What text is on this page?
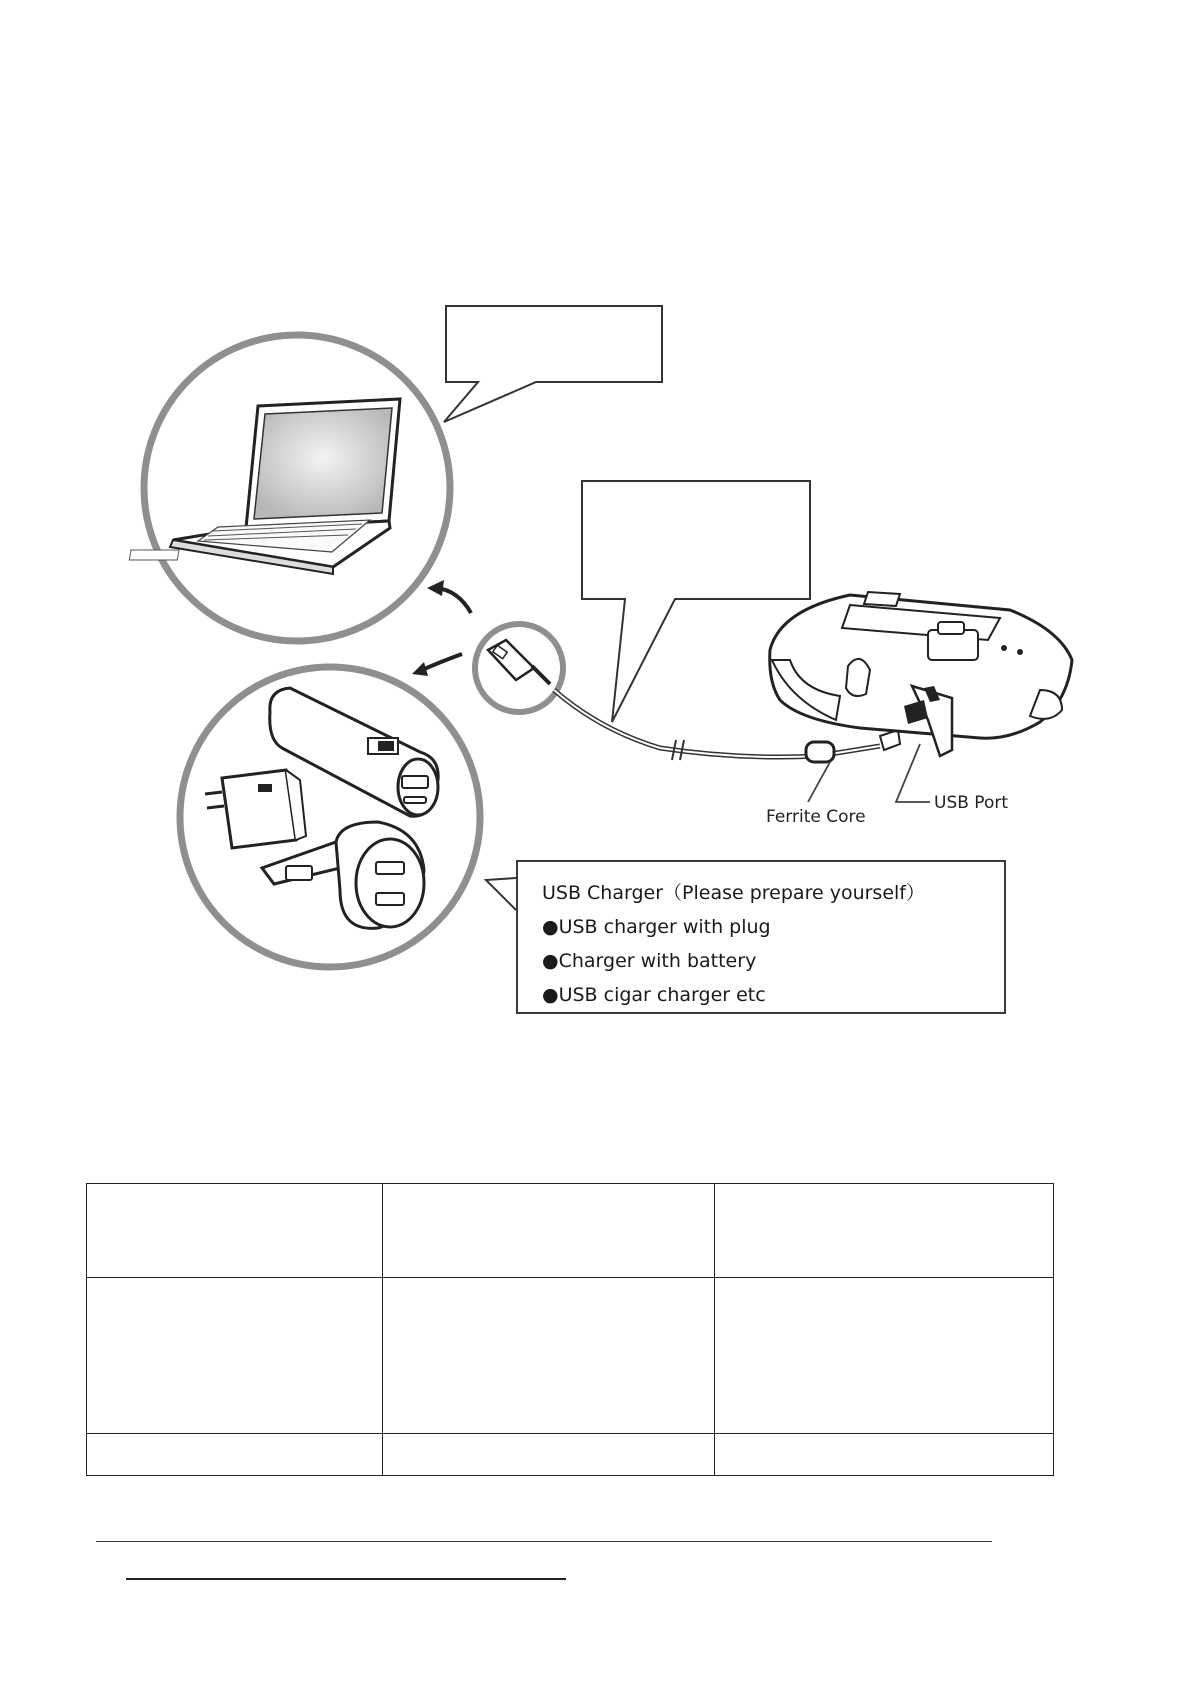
Ferrite Core
USB Port
USB Charger（Please prepare yourself）
●USB charger with plug
●Charger with battery
●USB cigar charger etc
